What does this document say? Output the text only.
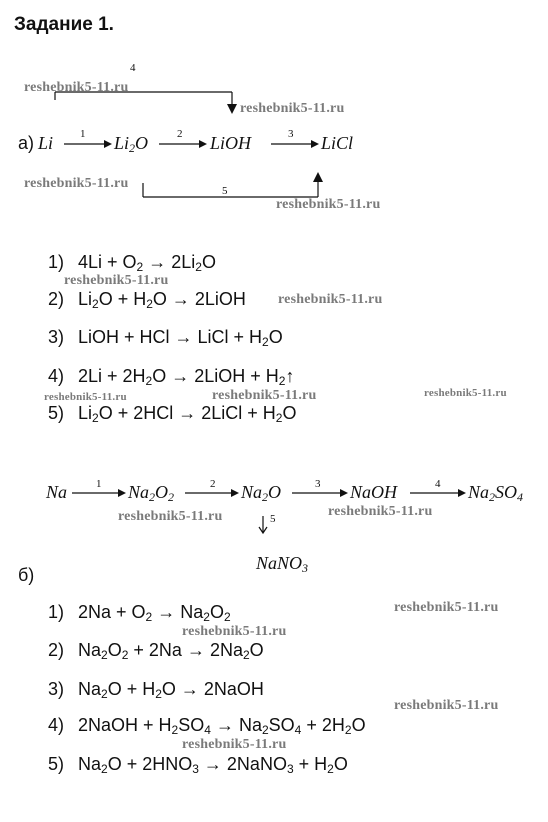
Задание 1.
reshebnik5-11.ru
4
reshebnik5-11.ru
а) Li 1 $Li_2O$	2 LiOH	3 LiCl
reshebnik5-11.ru	5
reshebnik5-11.ru
1) $4Li + O_2 \to 2Li_2O$
reshebnik5-11.ru
2) $Li_2O + H_2O$ → 2LiOH reshebnik5-11.ru
3) LiOH + HCl → LiCl + $H_2O$
4) $2Li + 2H_2O$ → 2LiOH + $H_2↑$
reshebnik5-11.ru	reshebnik5-11.ru	reshebnik5-11.ru
5) $Li_2O + 2HCl$ → 2LiCl + $H_2O$
Na	1 $Na_2O_2$
2 $Na_2O$	3 NaOH	4 $Na_2SO_4$
reshebnik5-11.ru	5	reshebnik5-11.ru
NaNO$_3$
б)
1) $2Na + O_2 \to Na_2O_2$
reshebnik5-11.ru
reshebnik5-11.ru
2) $Na_2O_2 + 2Na \to 2Na_2O$
3) $Na_2O + H_2O$ → 2NaOH
reshebnik5-11.ru
4) 2NaOH + $H_2SO_4 \to Na_2SO_4 + 2H_2O$
reshebnik5-11.ru
5) $Na_2O + 2HNO_3$ → 2NaNO$_3$ + $H_2O$
